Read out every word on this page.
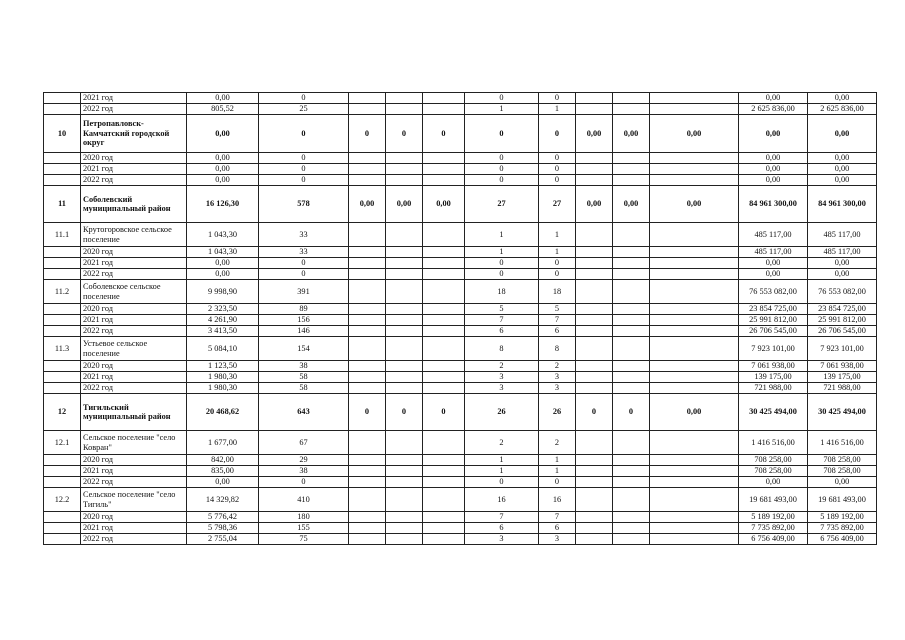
	2021 год	0,00	0				0	0				0,00	0,00
	2022 год	805,52	25				1	1				2 625 836,00	2 625 836,00
10	Петропавловск-Камчатский городской округ	0,00	0	0	0	0	0	0	0,00	0,00	0,00	0,00	0,00
	2020 год	0,00	0				0	0				0,00	0,00
	2021 год	0,00	0				0	0				0,00	0,00
	2022 год	0,00	0				0	0				0,00	0,00
11	Соболевский муниципальный район	16 126,30	578	0,00	0,00	0,00	27	27	0,00	0,00	0,00	84 961 300,00	84 961 300,00
11.1	Крутогоровское сельское поселение	1 043,30	33				1	1				485 117,00	485 117,00
	2020 год	1 043,30	33				1	1				485 117,00	485 117,00
	2021 год	0,00	0				0	0				0,00	0,00
	2022 год	0,00	0				0	0				0,00	0,00
11.2	Соболевское сельское поселение	9 998,90	391				18	18				76 553 082,00	76 553 082,00
	2020 год	2 323,50	89				5	5				23 854 725,00	23 854 725,00
	2021 год	4 261,90	156				7	7				25 991 812,00	25 991 812,00
	2022 год	3 413,50	146				6	6				26 706 545,00	26 706 545,00
11.3	Устьевое сельское поселение	5 084,10	154				8	8				7 923 101,00	7 923 101,00
	2020 год	1 123,50	38				2	2				7 061 938,00	7 061 938,00
	2021 год	1 980,30	58				3	3				139 175,00	139 175,00
	2022 год	1 980,30	58				3	3				721 988,00	721 988,00
12	Тигильский муниципальный район	20 468,62	643	0	0	0	26	26	0	0	0,00	30 425 494,00	30 425 494,00
12.1	Сельское поселение "село Ковран"	1 677,00	67				2	2				1 416 516,00	1 416 516,00
	2020 год	842,00	29				1	1				708 258,00	708 258,00
	2021 год	835,00	38				1	1				708 258,00	708 258,00
	2022 год	0,00	0				0	0				0,00	0,00
12.2	Сельское поселение "село Тигиль"	14 329,82	410				16	16				19 681 493,00	19 681 493,00
	2020 год	5 776,42	180				7	7				5 189 192,00	5 189 192,00
	2021 год	5 798,36	155				6	6				7 735 892,00	7 735 892,00
	2022 год	2 755,04	75				3	3				6 756 409,00	6 756 409,00
